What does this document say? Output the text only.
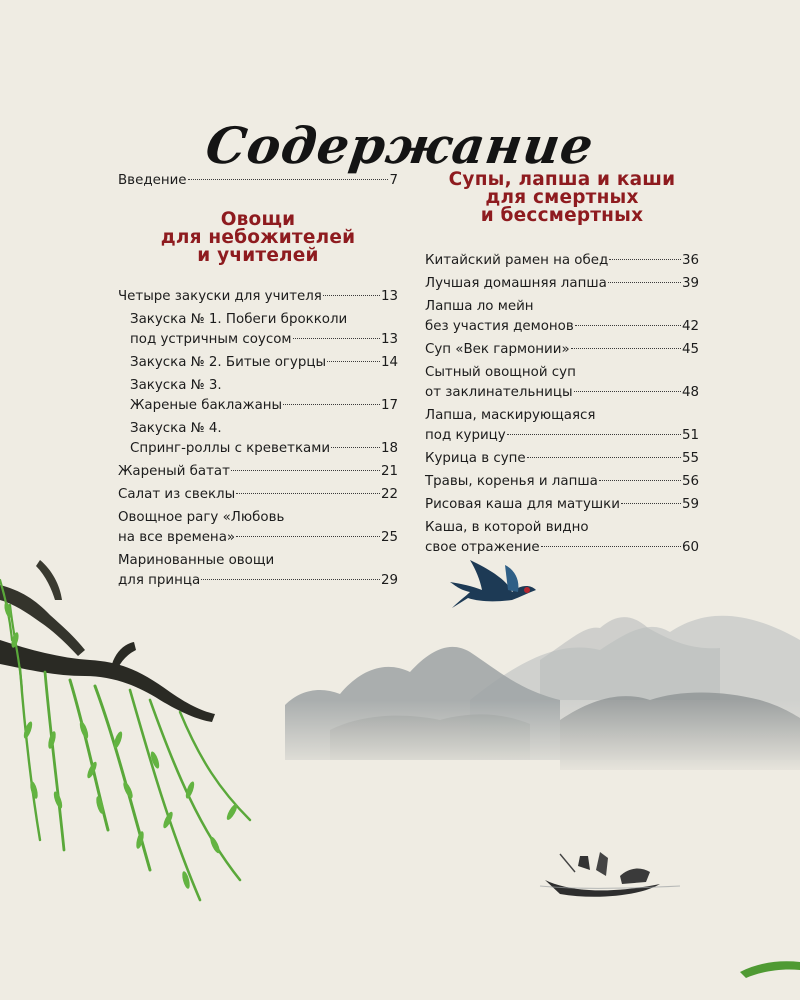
Содержание
Введение	7
Овощи
для небожителей
и учителей
Четыре закуски для учителя	13
Закуска № 1. Побеги брокколи
под устричным соусом	13
Закуска № 2. Битые огурцы	14
Закуска № 3.
Жареные баклажаны	17
Закуска № 4.
Спринг-роллы с креветками	18
Жареный батат	21
Салат из свеклы	22
Овощное рагу «Любовь
на все времена»	25
Маринованные овощи
для принца	29
Супы, лапша и каши
для смертных
и бессмертных
Китайский рамен на обед	36
Лучшая домашняя лапша	39
Лапша ло мейн
без участия демонов	42
Суп «Век гармонии»	45
Сытный овощной суп
от заклинательницы	48
Лапша, маскирующаяся
под курицу	51
Курица в супе	55
Травы, коренья и лапша	56
Рисовая каша для матушки	59
Каша, в которой видно
свое отражение	60
